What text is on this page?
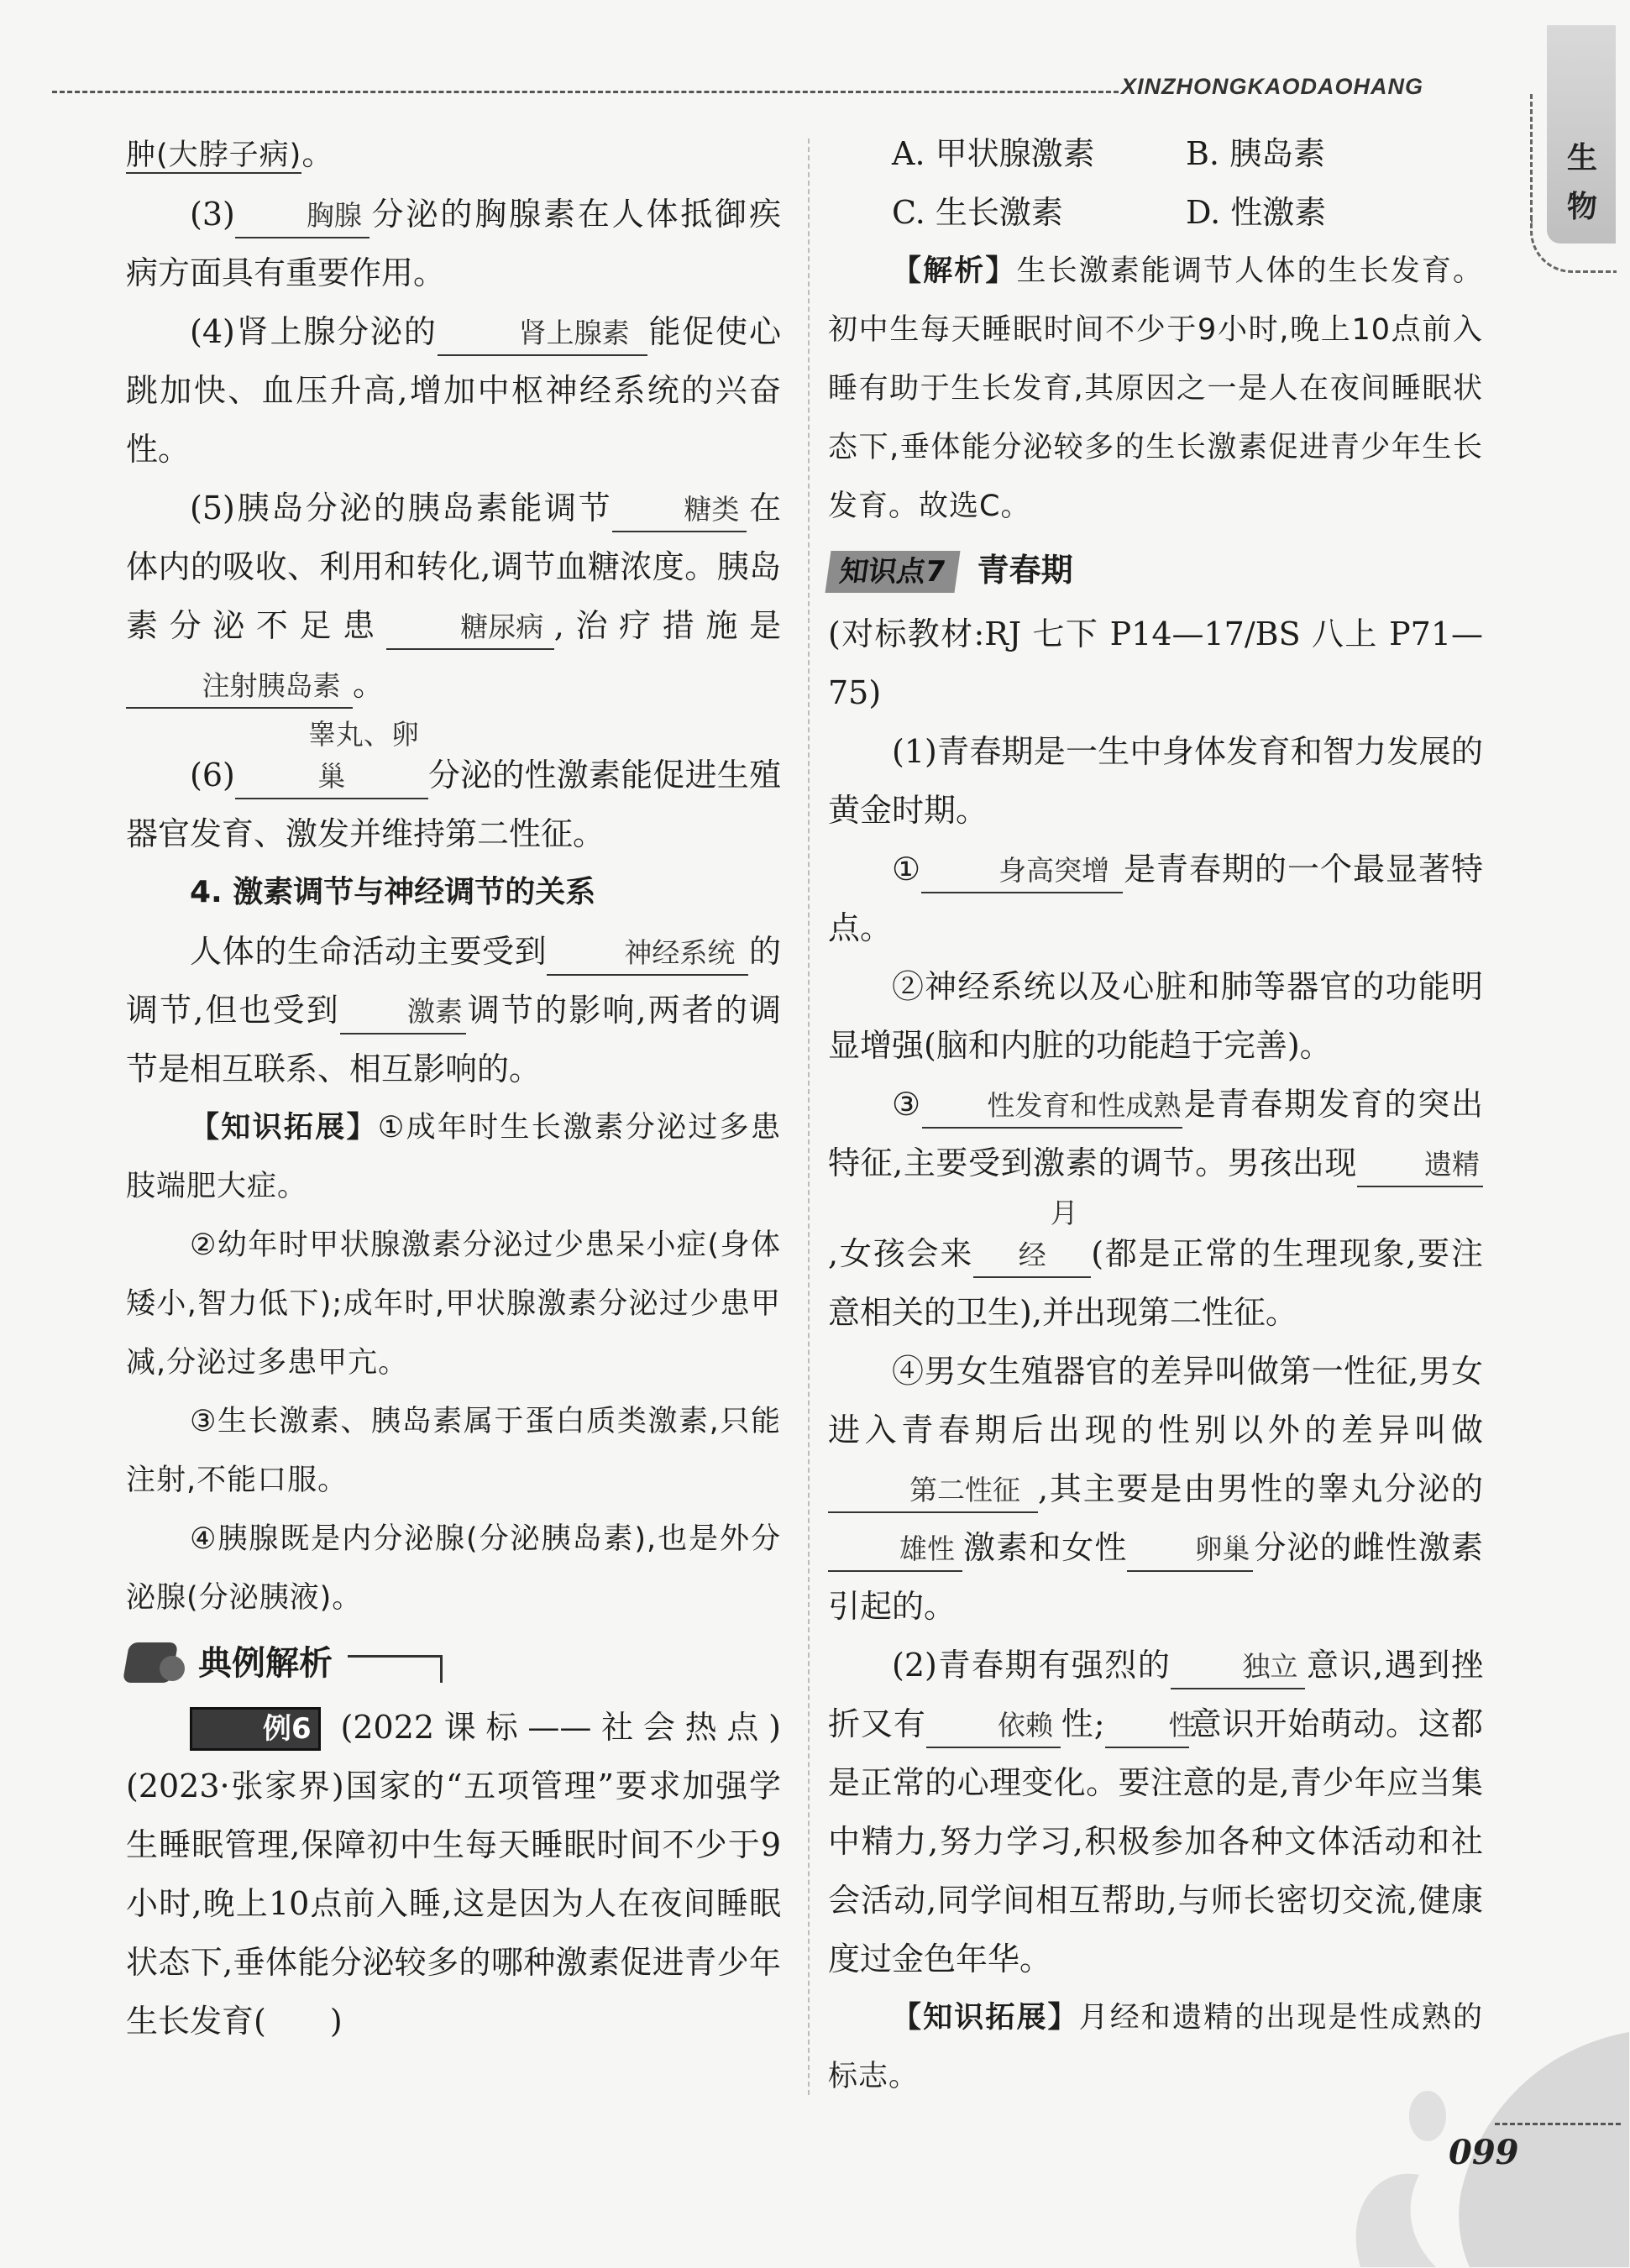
XINZHONGKAODAOHANG
生物

肿(大脖子病)。

(3)	胸腺 分泌的胸腺素在人体抵御疾病方面具有重要作用。

(4)肾上腺分泌的	肾上腺素 能促使心跳加快、血压升高,增加中枢神经系统的兴奋性。

(5)胰岛分泌的胰岛素能调节	糖类 在体内的吸收、利用和转化,调节血糖浓度。胰岛素分泌不足患	糖尿病 ,治疗措施是注射胰岛素 。

(6)睾丸、卵巢	分泌的性激素能促进生殖器官发育、激发并维持第二性征。

4. 激素调节与神经调节的关系

人体的生命活动主要受到	神经系统 的调节,但也受到 激素 调节的影响,两者的调节是相互联系、相互影响的。

【知识拓展】①成年时生长激素分泌过多患肢端肥大症。

②幼年时甲状腺激素分泌过少患呆小症(身体矮小,智力低下);成年时,甲状腺激素分泌过少患甲减,分泌过多患甲亢。

③生长激素、胰岛素属于蛋白质类激素,只能注射,不能口服。

④胰腺既是内分泌腺(分泌胰岛素),也是外分泌腺(分泌胰液)。

典例解析

例6 (2022课标——社会热点)(2023·张家界)国家的“五项管理”要求加强学生睡眠管理,保障初中生每天睡眠时间不少于9小时,晚上10点前入睡,这是因为人在夜间睡眠状态下,垂体能分泌较多的哪种激素促进青少年生长发育(　　)

A. 甲状腺激素	B. 胰岛素

C. 生长激素	D. 性激素

【解析】生长激素能调节人体的生长发育。初中生每天睡眠时间不少于9小时,晚上10点前入睡有助于生长发育,其原因之一是人在夜间睡眠状态下,垂体能分泌较多的生长激素促进青少年生长发育。故选C。

知识点7 青春期

(对标教材:RJ 七下 P14—17/BS 八上 P71—75)

(1)青春期是一生中身体发育和智力发展的黄金时期。

①	身高突增 是青春期的一个最显著特点。

②神经系统以及心脏和肺等器官的功能明显增强(脑和内脏的功能趋于完善)。

③ 性发育和性成熟是青春期发育的突出特征,主要受到激素的调节。男孩出现 遗精,女孩会来月经 (都是正常的生理现象,要注意相关的卫生),并出现第二性征。

④男女生殖器官的差异叫做第一性征,男女进入青春期后出现的性别以外的差异叫做第二性征 ,其主要是由男性的睾丸分泌的雄性 激素和女性 卵巢 分泌的雌性激素引起的。

(2)青春期有强烈的	独立 意识,遇到挫折又有	依赖 性; 性意识开始萌动。这都是正常的心理变化。要注意的是,青少年应当集中精力,努力学习,积极参加各种文体活动和社会活动,同学间相互帮助,与师长密切交流,健康度过金色年华。

【知识拓展】月经和遗精的出现是性成熟的标志。

099
